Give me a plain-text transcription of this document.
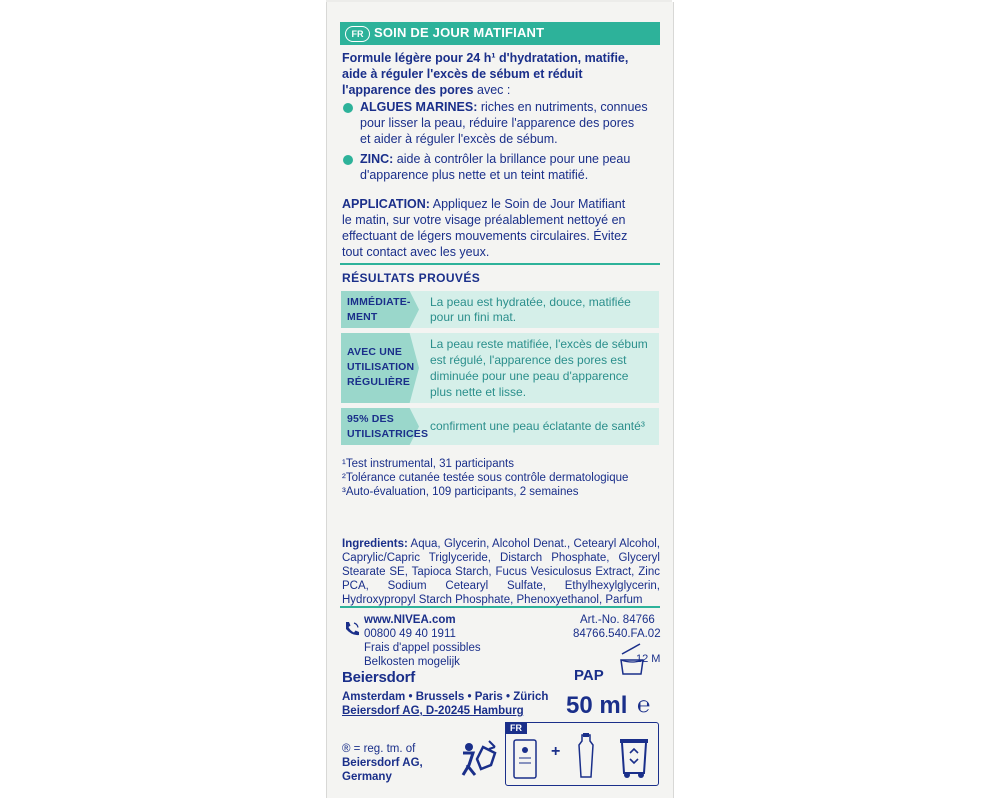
FR SOIN DE JOUR MATIFIANT
Formule légère pour 24 h¹ d'hydratation, matifie,
aide à réguler l'excès de sébum et réduit
l'apparence des pores avec :
ALGUES MARINES: riches en nutriments, connues
pour lisser la peau, réduire l'apparence des pores
et aider à réguler l'excès de sébum.
ZINC: aide à contrôler la brillance pour une peau
d'apparence plus nette et un teint matifié.
APPLICATION: Appliquez le Soin de Jour Matifiant
le matin, sur votre visage préalablement nettoyé en
effectuant de légers mouvements circulaires. Évitez
tout contact avec les yeux.
RÉSULTATS PROUVÉS
IMMÉDIATE-
MENT
La peau est hydratée, douce, matifiée
pour un fini mat.
AVEC UNE
UTILISATION
RÉGULIÈRE
La peau reste matifiée, l'excès de sébum
est régulé, l'apparence des pores est
diminuée pour une peau d'apparence
plus nette et lisse.
95% DES
UTILISATRICES
confirment une peau éclatante de santé³
¹Test instrumental, 31 participants
²Tolérance cutanée testée sous contrôle dermatologique
³Auto-évaluation, 109 participants, 2 semaines
Ingredients: Aqua, Glycerin, Alcohol Denat., Cetearyl Alcohol, Caprylic/Capric Triglyceride, Distarch Phosphate, Glyceryl Stearate SE, Tapioca Starch, Fucus Vesiculosus Extract, Zinc PCA, Sodium Cetearyl Sulfate, Ethylhexylglycerin, Hydroxypropyl Starch Phosphate, Phenoxyethanol, Parfum
www.NIVEA.com
00800 49 40 1911
Frais d'appel possibles
Belkosten mogelijk
Art.-No. 84766
84766.540.FA.02
Beiersdorf
Amsterdam • Brussels • Paris • Zürich
Beiersdorf AG, D-20245 Hamburg
PAP
12 M
50 ml ℮
® = reg. tm. of
Beiersdorf AG,
Germany
FR
+
